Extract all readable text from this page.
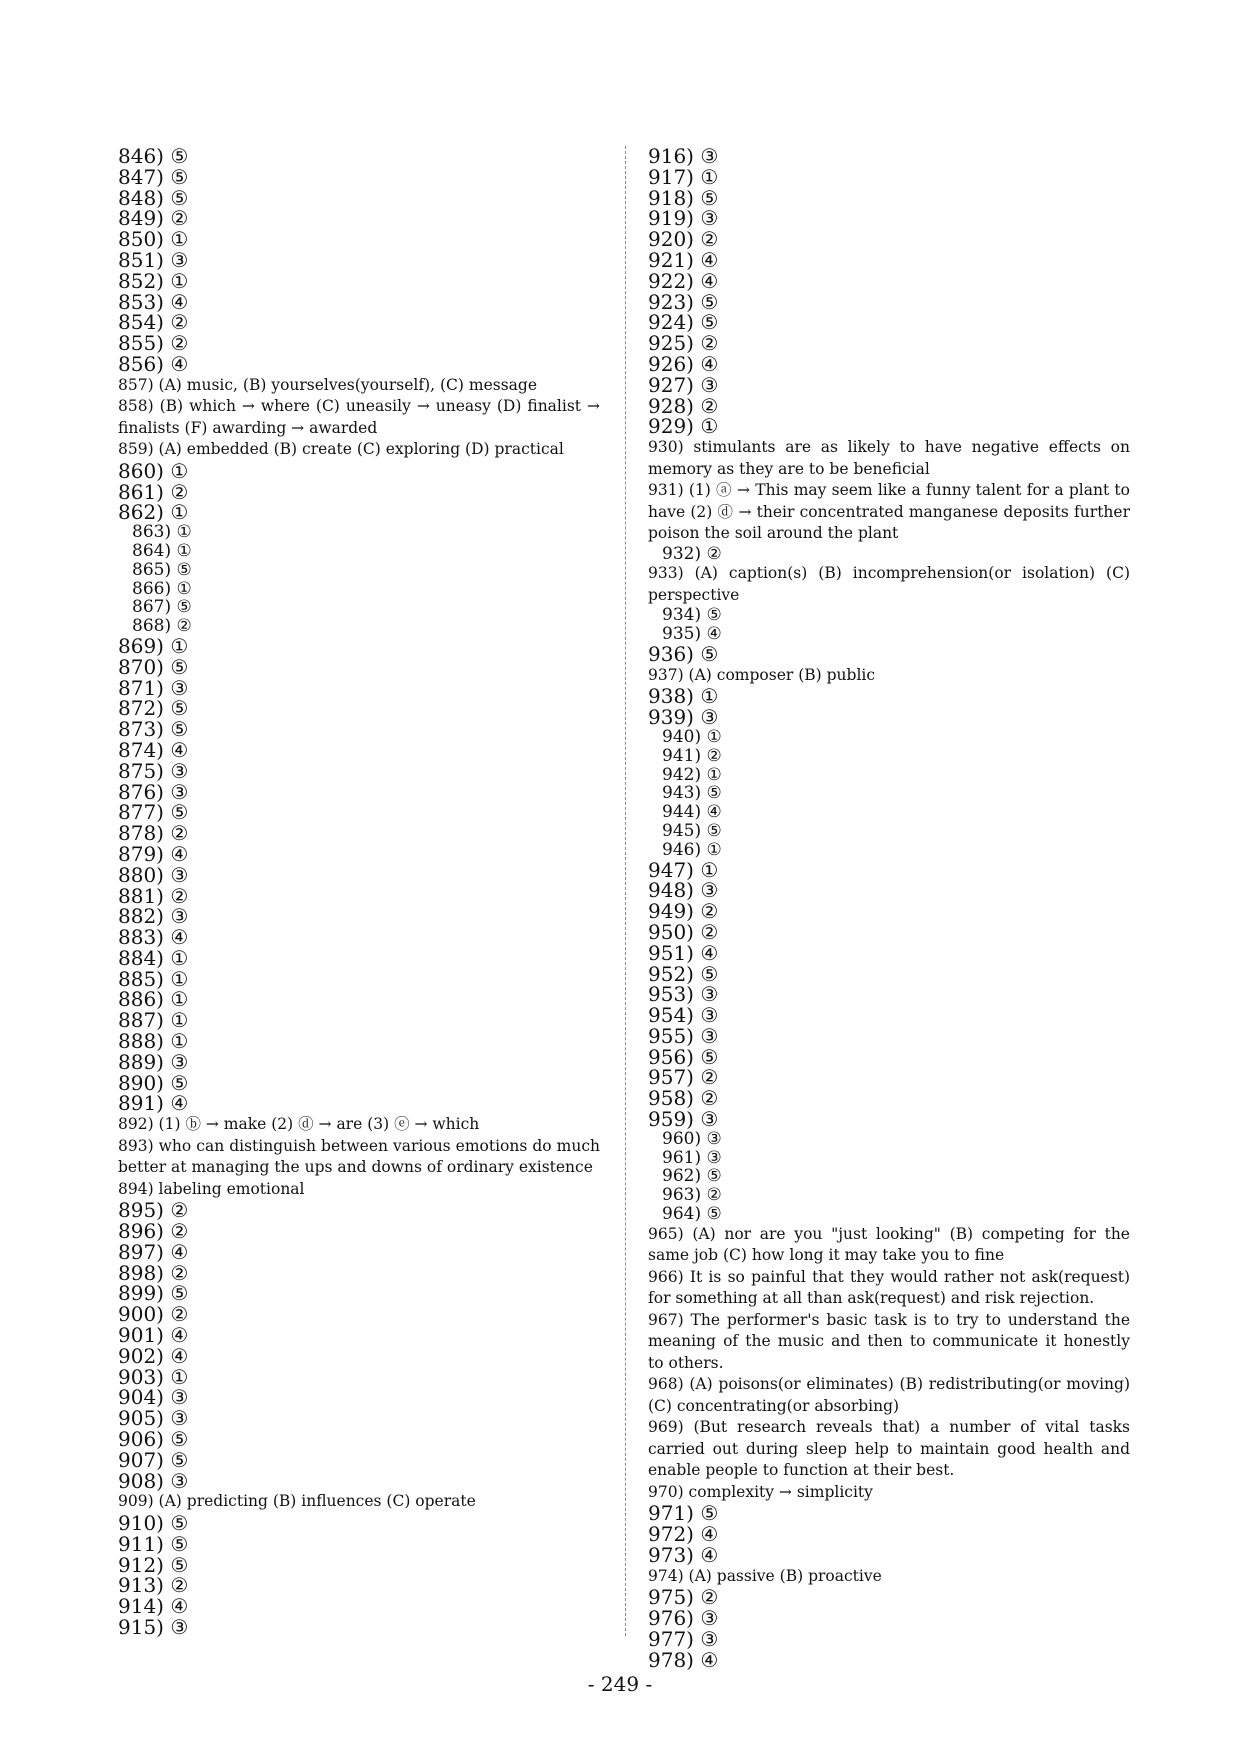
846) ⑤
847) ⑤
848) ⑤
849) ②
850) ①
851) ③
852) ①
853) ④
854) ②
855) ②
856) ④
857) (A) music, (B) yourselves(yourself), (C) message
858) (B) which → where (C) uneasily → uneasy (D) finalist → finalists (F) awarding → awarded
859) (A) embedded (B) create (C) exploring (D) practical
860) ①
861) ②
862) ①
863) ①
864) ①
865) ⑤
866) ①
867) ⑤
868) ②
869) ①
870) ⑤
871) ③
872) ⑤
873) ⑤
874) ④
875) ③
876) ③
877) ⑤
878) ②
879) ④
880) ③
881) ②
882) ③
883) ④
884) ①
885) ①
886) ①
887) ①
888) ①
889) ③
890) ⑤
891) ④
892) (1) ⓑ → make (2) ⓓ → are (3) ⓔ → which
893) who can distinguish between various emotions do much better at managing the ups and downs of ordinary existence
894) labeling emotional
895) ②
896) ②
897) ④
898) ②
899) ⑤
900) ②
901) ④
902) ④
903) ①
904) ③
905) ③
906) ⑤
907) ⑤
908) ③
909) (A) predicting (B) influences (C) operate
910) ⑤
911) ⑤
912) ⑤
913) ②
914) ④
915) ③
916) ③
917) ①
918) ⑤
919) ③
920) ②
921) ④
922) ④
923) ⑤
924) ⑤
925) ②
926) ④
927) ③
928) ②
929) ①
930) stimulants are as likely to have negative effects on memory as they are to be beneficial
931) (1) ⓐ → This may seem like a funny talent for a plant to have (2) ⓓ → their concentrated manganese deposits further poison the soil around the plant
932) ②
933) (A) caption(s) (B) incomprehension(or isolation) (C) perspective
934) ⑤
935) ④
936) ⑤
937) (A) composer (B) public
938) ①
939) ③
940) ①
941) ②
942) ①
943) ⑤
944) ④
945) ⑤
946) ①
947) ①
948) ③
949) ②
950) ②
951) ④
952) ⑤
953) ③
954) ③
955) ③
956) ⑤
957) ②
958) ②
959) ③
960) ③
961) ③
962) ⑤
963) ②
964) ⑤
965) (A) nor are you "just looking" (B) competing for the same job (C) how long it may take you to fine
966) It is so painful that they would rather not ask(request) for something at all than ask(request) and risk rejection.
967) The performer's basic task is to try to understand the meaning of the music and then to communicate it honestly to others.
968) (A) poisons(or eliminates) (B) redistributing(or moving) (C) concentrating(or absorbing)
969) (But research reveals that) a number of vital tasks carried out during sleep help to maintain good health and enable people to function at their best.
970) complexity → simplicity
971) ⑤
972) ④
973) ④
974) (A) passive (B) proactive
975) ②
976) ③
977) ③
978) ④
- 249 -
